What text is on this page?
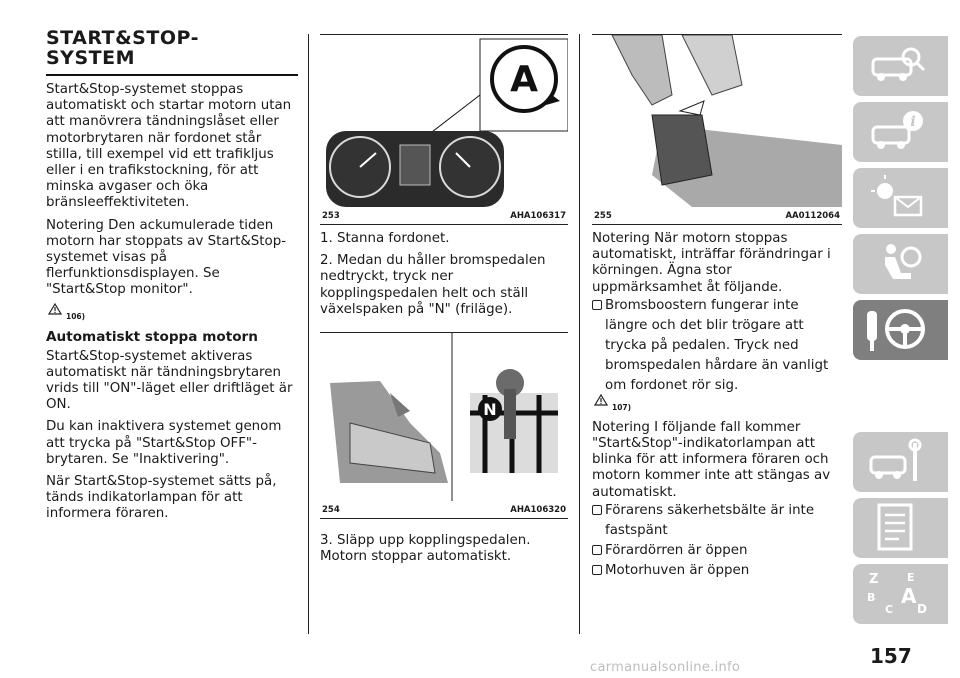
START&STOP-
SYSTEM

Start&Stop-systemet stoppas automatiskt och startar motorn utan att manövrera tändningslåset eller motorbrytaren när fordonet står stilla, till exempel vid ett trafikljus eller i en trafikstockning, för att minska avgaser och öka bränsleeffektiviteten.

Notering Den ackumulerade tiden motorn har stoppats av Start&Stop-systemet visas på flerfunktionsdisplayen. Se "Start&Stop monitor".

106)
Automatiskt stoppa motorn

Start&Stop-systemet aktiveras automatiskt när tändningsbrytaren vrids till "ON"-läget eller driftläget är ON.

Du kan inaktivera systemet genom att trycka på "Start&Stop OFF"-brytaren. Se "Inaktivering".

När Start&Stop-systemet sätts på, tänds indikatorlampan för att informera föraren.

A
253	AHA106317

1. Stanna fordonet.

2. Medan du håller bromspedalen nedtryckt, tryck ner kopplingspedalen helt och ställ växelspaken på "N" (friläge).

N
254	AHA106320

3. Släpp upp kopplingspedalen. Motorn stoppar automatiskt.

255	AA0112064

Notering När motorn stoppas automatiskt, inträffar förändringar i körningen. Ägna stor uppmärksamhet åt följande.

Bromsboostern fungerar inte längre och det blir trögare att trycka på pedalen. Tryck ned bromspedalen hårdare än vanligt om fordonet rör sig.
107)

Notering I följande fall kommer "Start&Stop"-indikatorlampan att blinka för att informera föraren och motorn kommer inte att stängas av automatiskt.

Förarens säkerhetsbälte är inte fastspänt
Förardörren är öppen
Motorhuven är öppen
i
Z	E
B A
C D
157
carmanualsonline.info
